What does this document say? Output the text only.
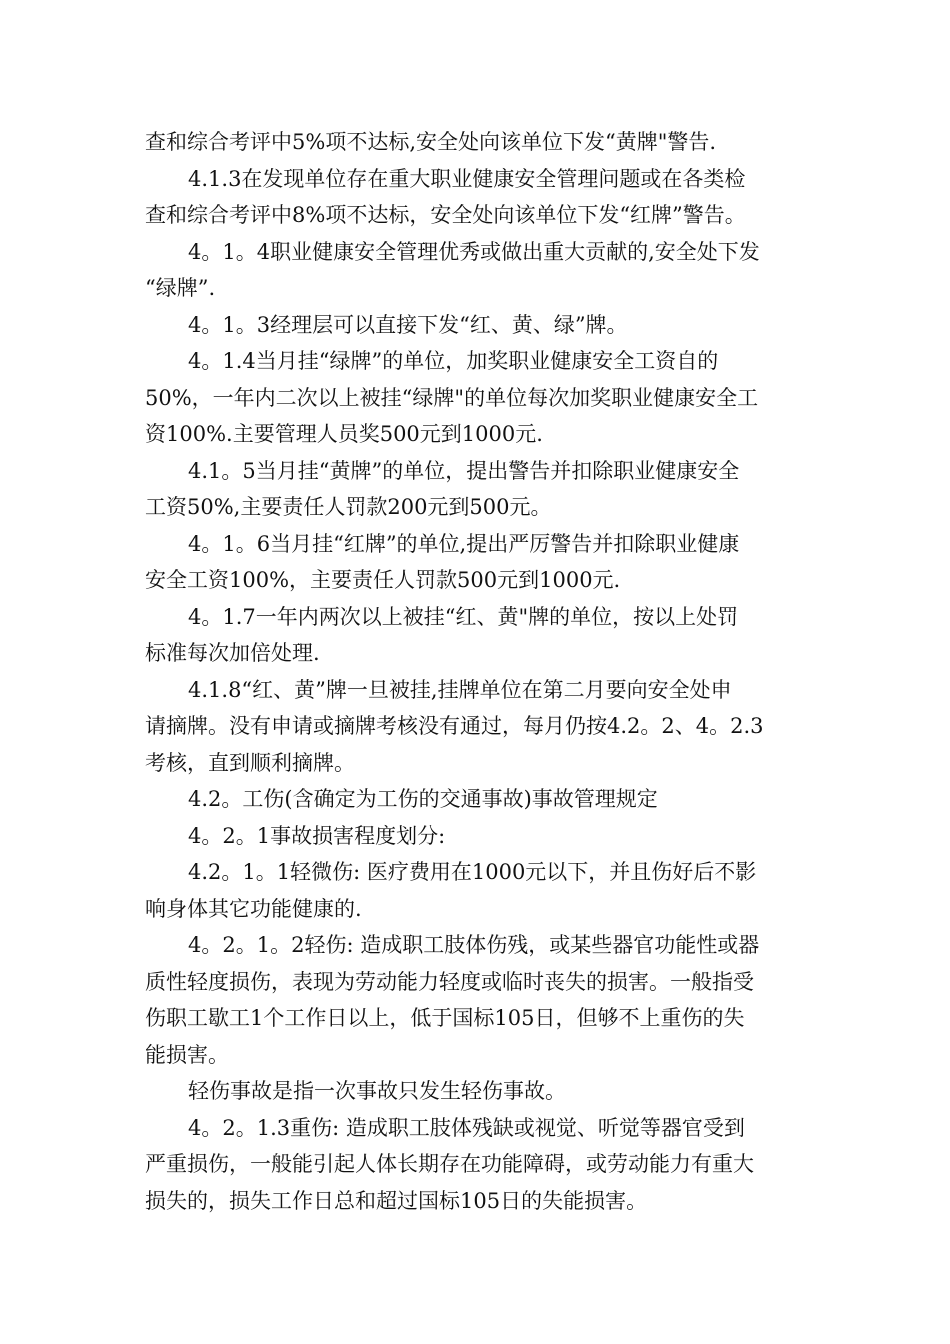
查和综合考评中5%项不达标,安全处向该单位下发“黄牌"警告.

4.1.3在发现单位存在重大职业健康安全管理问题或在各类检

查和综合考评中8%项不达标，安全处向该单位下发“红牌”警告。

4。1。4职业健康安全管理优秀或做出重大贡献的,安全处下发

“绿牌”.

4。1。3经理层可以直接下发“红、黄、绿”牌。

4。1.4当月挂“绿牌”的单位，加奖职业健康安全工资自的

50%，一年内二次以上被挂“绿牌"的单位每次加奖职业健康安全工

资100%.主要管理人员奖500元到1000元.

4.1。5当月挂“黄牌”的单位，提出警告并扣除职业健康安全

工资50%,主要责任人罚款200元到500元。

4。1。6当月挂“红牌”的单位,提出严厉警告并扣除职业健康

安全工资100%，主要责任人罚款500元到1000元.

4。1.7一年内两次以上被挂“红、黄"牌的单位，按以上处罚

标准每次加倍处理.

4.1.8“红、黄”牌一旦被挂,挂牌单位在第二月要向安全处申

请摘牌。没有申请或摘牌考核没有通过，每月仍按4.2。2、4。2.3

考核，直到顺利摘牌。

4.2。工伤(含确定为工伤的交通事故)事故管理规定

4。2。1事故损害程度划分:

4.2。1。1轻微伤: 医疗费用在1000元以下，并且伤好后不影

响身体其它功能健康的.

4。2。1。2轻伤: 造成职工肢体伤残，或某些器官功能性或器

质性轻度损伤，表现为劳动能力轻度或临时丧失的损害。一般指受

伤职工歇工1个工作日以上，低于国标105日，但够不上重伤的失

能损害。

轻伤事故是指一次事故只发生轻伤事故。

4。2。1.3重伤: 造成职工肢体残缺或视觉、听觉等器官受到

严重损伤，一般能引起人体长期存在功能障碍，或劳动能力有重大

损失的，损失工作日总和超过国标105日的失能损害。
